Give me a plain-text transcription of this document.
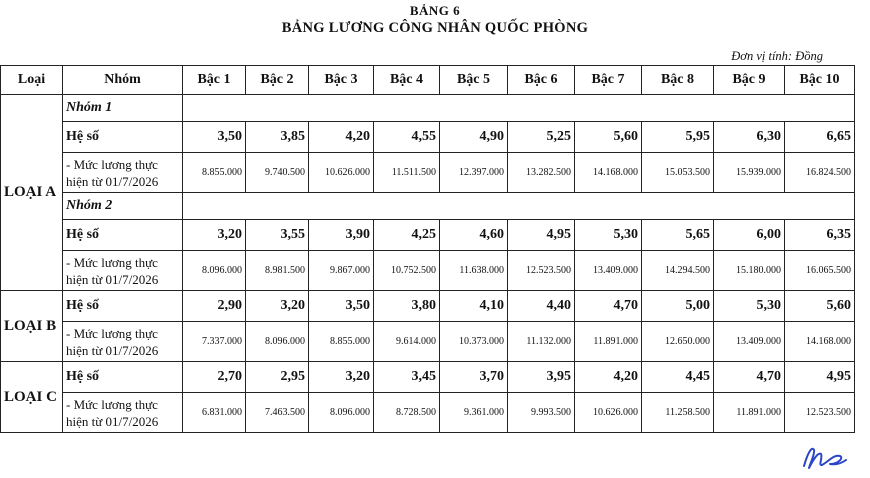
BẢNG 6
BẢNG LƯƠNG CÔNG NHÂN QUỐC PHÒNG
Đơn vị tính: Đồng
Loại	Nhóm	Bậc 1	Bậc 2	Bậc 3	Bậc 4	Bậc 5	Bậc 6	Bậc 7	Bậc 8	Bậc 9	Bậc 10
LOẠI A	Nhóm 1										
	Hệ số	3,50	3,85	4,20	4,55	4,90	5,25	5,60	5,95	6,30	6,65

	- Mức lương thực
hiện từ 01/7/2026	8.855.000	9.740.500	10.626.000	11.511.500	12.397.000	13.282.500	14.168.000	15.053.500	15.939.000	16.824.500
	Nhóm 2										
	Hệ số	3,20	3,55	3,90	4,25	4,60	4,95	5,30	5,65	6,00	6,35

	- Mức lương thực
hiện từ 01/7/2026	8.096.000	8.981.500	9.867.000	10.752.500	11.638.000	12.523.500	13.409.000	14.294.500	15.180.000	16.065.500
LOẠI B	Hệ số	2,90	3,20	3,50	3,80	4,10	4,40	4,70	5,00	5,30	5,60

	- Mức lương thực
hiện từ 01/7/2026	7.337.000	8.096.000	8.855.000	9.614.000	10.373.000	11.132.000	11.891.000	12.650.000	13.409.000	14.168.000
LOẠI C	Hệ số	2,70	2,95	3,20	3,45	3,70	3,95	4,20	4,45	4,70	4,95

	- Mức lương thực
hiện từ 01/7/2026	6.831.000	7.463.500	8.096.000	8.728.500	9.361.000	9.993.500	10.626.000	11.258.500	11.891.000	12.523.500
